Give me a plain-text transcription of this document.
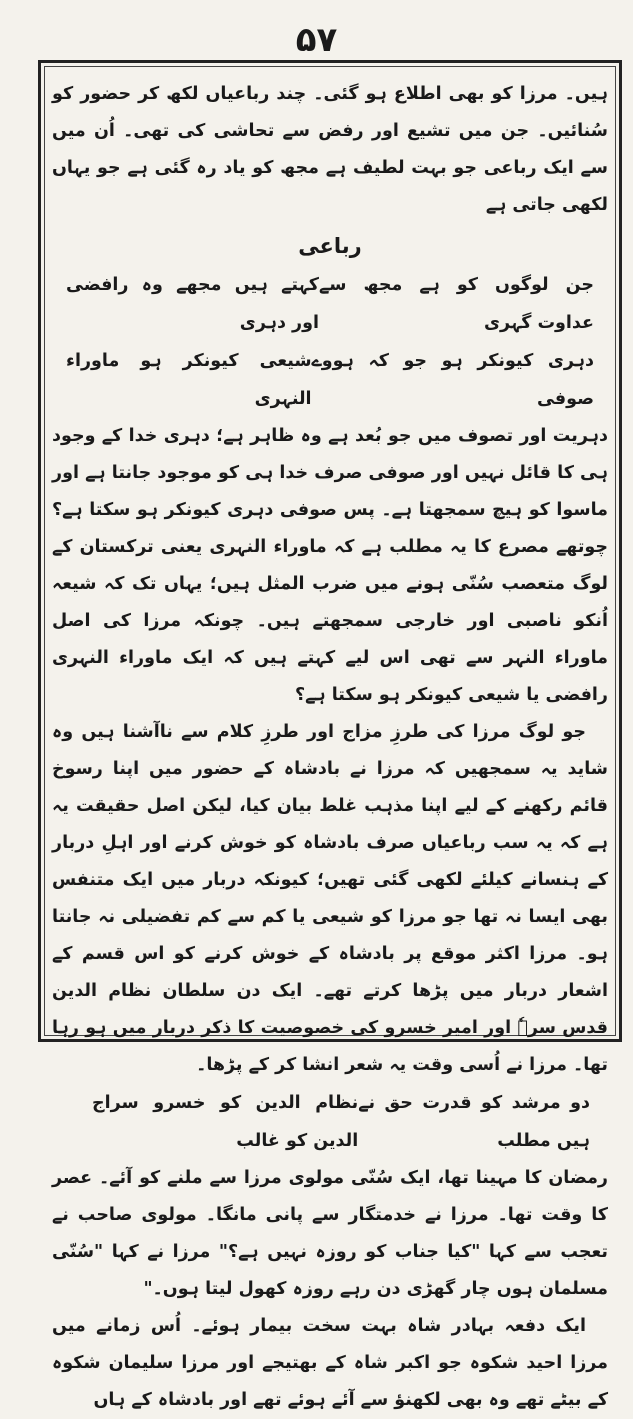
۵۷

ہیں۔ مرزا کو بھی اطلاع ہو گئی۔ چند رباعیاں لکھ کر حضور کو سُنائیں۔ جن میں تشیع اور رفض سے تحاشی کی تھی۔ اُن میں سے ایک رباعی جو بہت لطیف ہے مجھ کو یاد رہ گئی ہے جو یہاں لکھی جاتی ہے

رباعی
جن لوگوں کو ہے مجھ سے عداوت گہری
کہتے ہیں مجھے وہ رافضی اور دہری
دہری کیونکر ہو جو کہ ہووے صوفی
شیعی کیونکر ہو ماوراء النہری

دہریت اور تصوف میں جو بُعد ہے وہ ظاہر ہے؛ دہری خدا کے وجود ہی کا قائل نہیں اور صوفی صرف خدا ہی کو موجود جانتا ہے اور ماسوا کو ہیچ سمجھتا ہے۔ پس صوفی دہری کیونکر ہو سکتا ہے؟ چوتھے مصرع کا یہ مطلب ہے کہ ماوراء النہری یعنی ترکستان کے لوگ متعصب سُنّی ہونے میں ضرب المثل ہیں؛ یہاں تک کہ شیعہ اُنکو ناصبی اور خارجی سمجھتے ہیں۔ چونکہ مرزا کی اصل ماوراء النہر سے تھی اس لیے کہتے ہیں کہ ایک ماوراء النہری رافضی یا شیعی کیونکر ہو سکتا ہے؟

جو لوگ مرزا کی طرزِ مزاج اور طرزِ کلام سے ناآشنا ہیں وہ شاید یہ سمجھیں کہ مرزا نے بادشاہ کے حضور میں اپنا رسوخ قائم رکھنے کے لیے اپنا مذہب غلط بیان کیا، لیکن اصل حقیقت یہ ہے کہ یہ سب رباعیاں صرف بادشاہ کو خوش کرنے اور اہلِ دربار کے ہنسانے کیلئے لکھی گئی تھیں؛ کیونکہ دربار میں ایک متنفس بھی ایسا نہ تھا جو مرزا کو شیعی یا کم سے کم تفضیلی نہ جانتا ہو۔ مرزا اکثر موقع پر بادشاہ کے خوش کرنے کو اس قسم کے اشعار دربار میں پڑھا کرتے تھے۔ ایک دن سلطان نظام الدین قدس سرہٗ اور امیر خسرو کی خصوصیت کا ذکر دربار میں ہو رہا تھا۔ مرزا نے اُسی وقت یہ شعر انشا کر کے پڑھا۔

دو مرشد کو قدرت حق نے ہیں مطلب
نظام الدین کو خسرو سراج الدین کو غالب

رمضان کا مہینا تھا، ایک سُنّی مولوی مرزا سے ملنے کو آئے۔ عصر کا وقت تھا۔ مرزا نے خدمتگار سے پانی مانگا۔ مولوی صاحب نے تعجب سے کہا "کیا جناب کو روزہ نہیں ہے؟" مرزا نے کہا "سُنّی مسلمان ہوں چار گھڑی دن رہے روزہ کھول لیتا ہوں۔"

ایک دفعہ بہادر شاہ بہت سخت بیمار ہوئے۔ اُس زمانے میں مرزا احید شکوہ جو اکبر شاہ کے بھتیجے اور مرزا سلیمان شکوہ کے بیٹے تھے وہ بھی لکھنؤ سے آئے ہوئے تھے اور بادشاہ کے ہاں
